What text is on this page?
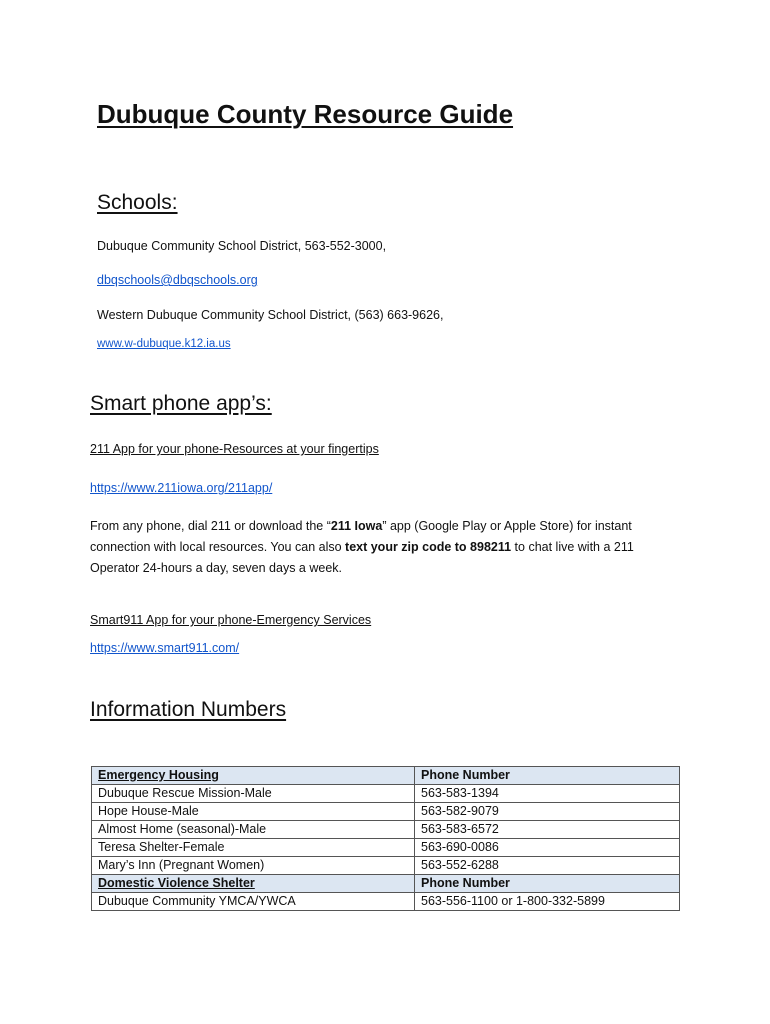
Dubuque County Resource Guide
Schools:
Dubuque Community School District, 563-552-3000,
dbqschools@dbqschools.org
Western Dubuque Community School District, (563) 663-9626,
www.w-dubuque.k12.ia.us
Smart phone app’s:
211 App for your phone-Resources at your fingertips
https://www.211iowa.org/211app/

From any phone, dial 211 or download the “211 Iowa” app (Google Play or Apple Store) for instant connection with local resources. You can also text your zip code to 898211 to chat live with a 211 Operator 24-hours a day, seven days a week.

Smart911 App for your phone-Emergency Services
https://www.smart911.com/
Information Numbers
Emergency Housing	Phone Number
Dubuque Rescue Mission-Male	563-583-1394
Hope House-Male	563-582-9079
Almost Home (seasonal)-Male	563-583-6572
Teresa Shelter-Female	563-690-0086
Mary’s Inn (Pregnant Women)	563-552-6288
Domestic Violence Shelter	Phone Number
Dubuque Community YMCA/YWCA	563-556-1100 or 1-800-332-5899
